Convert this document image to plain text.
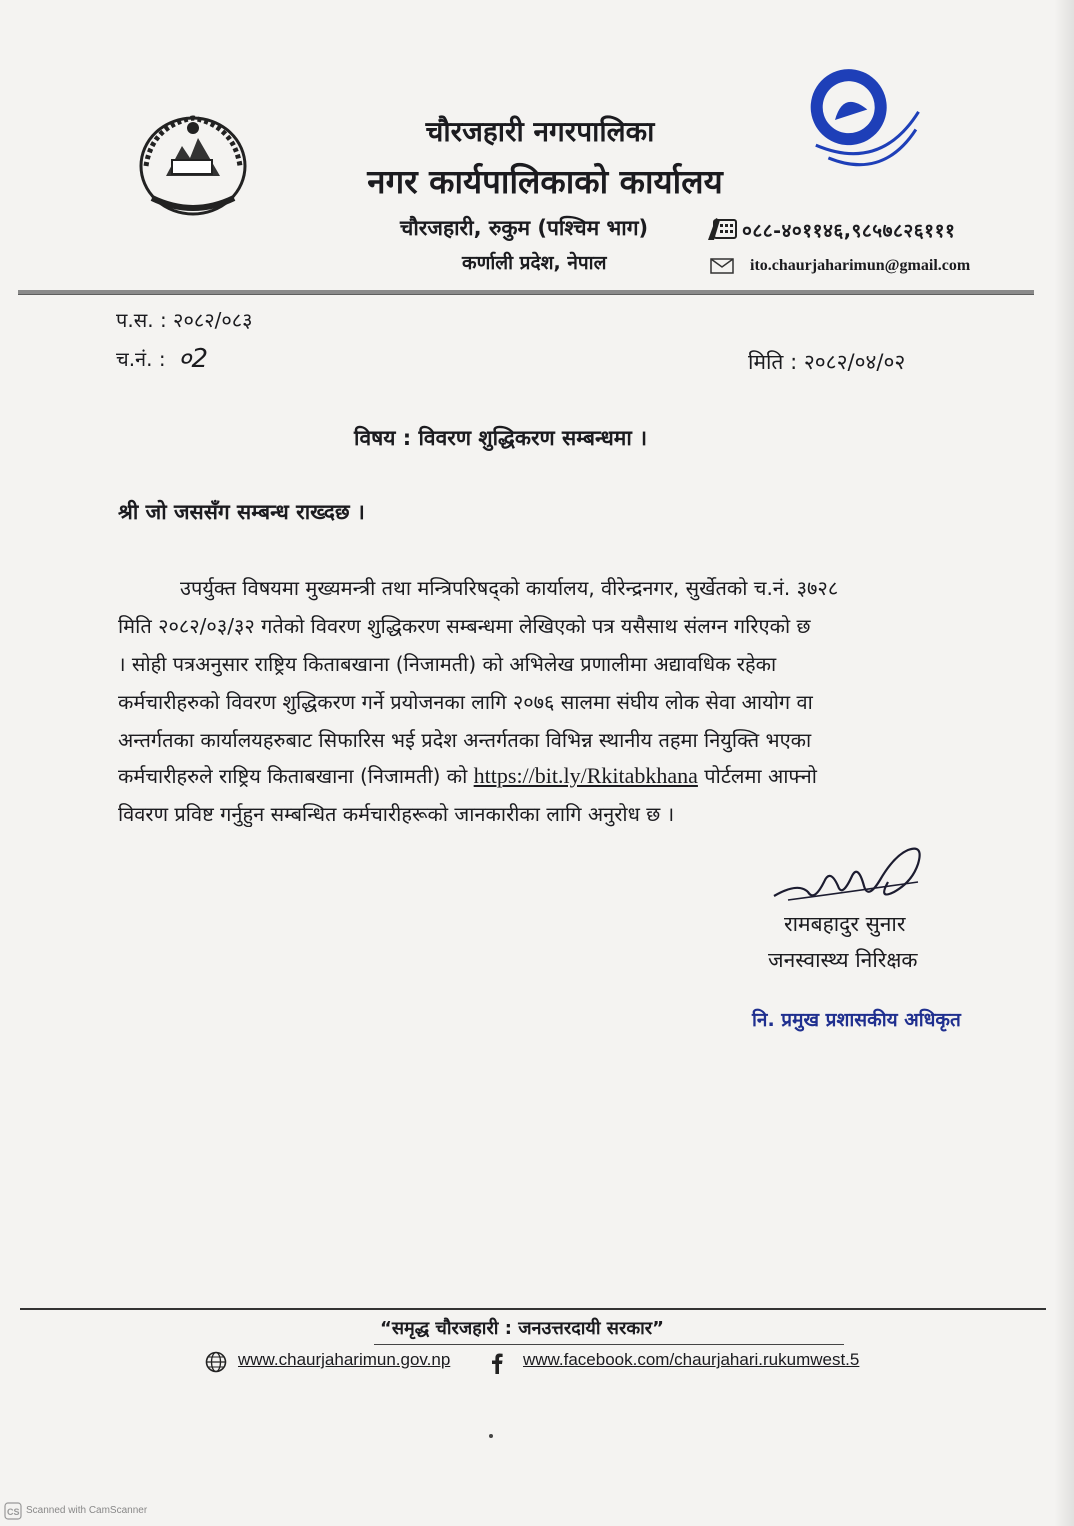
चौरजहारी नगरपालिका
नगर कार्यपालिकाको कार्यालय
चौरजहारी, रुकुम (पश्चिम भाग)
कर्णाली प्रदेश, नेपाल
०८८-४०११४६,९८५७८२६१११
ito.chaurjaharimun@gmail.com
प.स. : २०८२/०८३
च.नं. : ०2	मिति : २०८२/०४/०२
विषय : विवरण शुद्धिकरण सम्बन्धमा ।
श्री जो जससँग सम्बन्ध राख्दछ ।
उपर्युक्त विषयमा मुख्यमन्त्री तथा मन्त्रिपरिषद्को कार्यालय, वीरेन्द्रनगर, सुर्खेतको च.नं. ३७२८
मिति २०८२/०३/३२ गतेको विवरण शुद्धिकरण सम्बन्धमा लेखिएको पत्र यसैसाथ संलग्न गरिएको छ
। सोही पत्रअनुसार राष्ट्रिय किताबखाना (निजामती) को अभिलेख प्रणालीमा अद्यावधिक रहेका
कर्मचारीहरुको विवरण शुद्धिकरण गर्ने प्रयोजनका लागि २०७६ सालमा संघीय लोक सेवा आयोग वा
अन्तर्गतका कार्यालयहरुबाट सिफारिस भई प्रदेश अन्तर्गतका विभिन्न स्थानीय तहमा नियुक्ति भएका
कर्मचारीहरुले राष्ट्रिय किताबखाना (निजामती) को https://bit.ly/Rkitabkhana पोर्टलमा आफ्नो
विवरण प्रविष्ट गर्नुहुन सम्बन्धित कर्मचारीहरूको जानकारीका लागि अनुरोध छ ।
रामबहादुर सुनार
जनस्वास्थ्य निरिक्षक
नि. प्रमुख प्रशासकीय अधिकृत
“समृद्ध चौरजहारी : जनउत्तरदायी सरकार”
www.chaurjaharimun.gov.np	www.facebook.com/chaurjahari.rukumwest.5
CS Scanned with CamScanner
